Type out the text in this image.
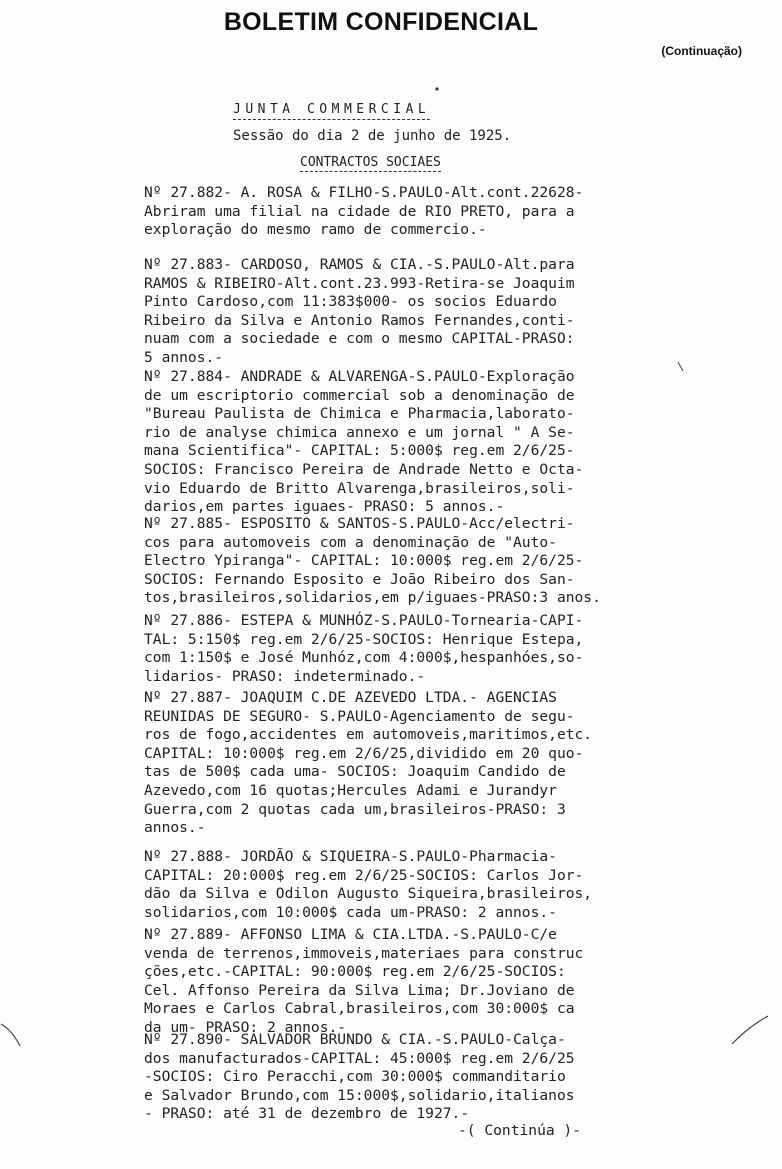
BOLETIM CONFIDENCIAL
(Continuação)
JUNTA COMMERCIAL
Sessão do dia 2 de junho de 1925.
CONTRACTOS SOCIAES
Nº 27.882- A. ROSA & FILHO-S.PAULO-Alt.cont.22628-
Abriram uma filial na cidade de RIO PRETO, para a
exploração do mesmo ramo de commercio.-
Nº 27.883- CARDOSO, RAMOS & CIA.-S.PAULO-Alt.para
RAMOS & RIBEIRO-Alt.cont.23.993-Retira-se Joaquim
Pinto Cardoso,com 11:383$000- os socios Eduardo
Ribeiro da Silva e Antonio Ramos Fernandes,conti-
nuam com a sociedade e com o mesmo CAPITAL-PRASO:
5 annos.-
Nº 27.884- ANDRADE & ALVARENGA-S.PAULO-Exploração
de um escriptorio commercial sob a denominação de
"Bureau Paulista de Chimica e Pharmacia,laborato-
rio de analyse chimica annexo e um jornal " A Se-
mana Scientifica"- CAPITAL: 5:000$ reg.em 2/6/25-
SOCIOS: Francisco Pereira de Andrade Netto e Octa-
vio Eduardo de Britto Alvarenga,brasileiros,soli-
darios,em partes iguaes- PRASO: 5 annos.-
Nº 27.885- ESPOSITO & SANTOS-S.PAULO-Acc/electri-
cos para automoveis com a denominação de "Auto-
Electro Ypiranga"- CAPITAL: 10:000$ reg.em 2/6/25-
SOCIOS: Fernando Esposito e João Ribeiro dos San-
tos,brasileiros,solidarios,em p/iguaes-PRASO:3 anos.
Nº 27.886- ESTEPA & MUNHÓZ-S.PAULO-Tornearia-CAPI-
TAL: 5:150$ reg.em 2/6/25-SOCIOS: Henrique Estepa,
com 1:150$ e José Munhóz,com 4:000$,hespanhóes,so-
lidarios- PRASO: indeterminado.-
Nº 27.887- JOAQUIM C.DE AZEVEDO LTDA.- AGENCIAS
REUNIDAS DE SEGURO- S.PAULO-Agenciamento de segu-
ros de fogo,accidentes em automoveis,maritimos,etc.
CAPITAL: 10:000$ reg.em 2/6/25,dividido em 20 quo-
tas de 500$ cada uma- SOCIOS: Joaquim Candido de
Azevedo,com 16 quotas;Hercules Adami e Jurandyr
Guerra,com 2 quotas cada um,brasileiros-PRASO: 3
annos.-
Nº 27.888- JORDÃO & SIQUEIRA-S.PAULO-Pharmacia-
CAPITAL: 20:000$ reg.em 2/6/25-SOCIOS: Carlos Jor-
dão da Silva e Odilon Augusto Siqueira,brasileiros,
solidarios,com 10:000$ cada um-PRASO: 2 annos.-
Nº 27.889- AFFONSO LIMA & CIA.LTDA.-S.PAULO-C/e
venda de terrenos,immoveis,materiaes para construc
ções,etc.-CAPITAL: 90:000$ reg.em 2/6/25-SOCIOS:
Cel. Affonso Pereira da Silva Lima; Dr.Joviano de
Moraes e Carlos Cabral,brasileiros,com 30:000$ ca
da um- PRASO: 2 annos.-
Nº 27.890- SALVADOR BRUNDO & CIA.-S.PAULO-Calça-
dos manufacturados-CAPITAL: 45:000$ reg.em 2/6/25
-SOCIOS: Ciro Peracchi,com 30:000$ commanditario
e Salvador Brundo,com 15:000$,solidario,italianos
- PRASO: até 31 de dezembro de 1927.-
-( Continúa )-
